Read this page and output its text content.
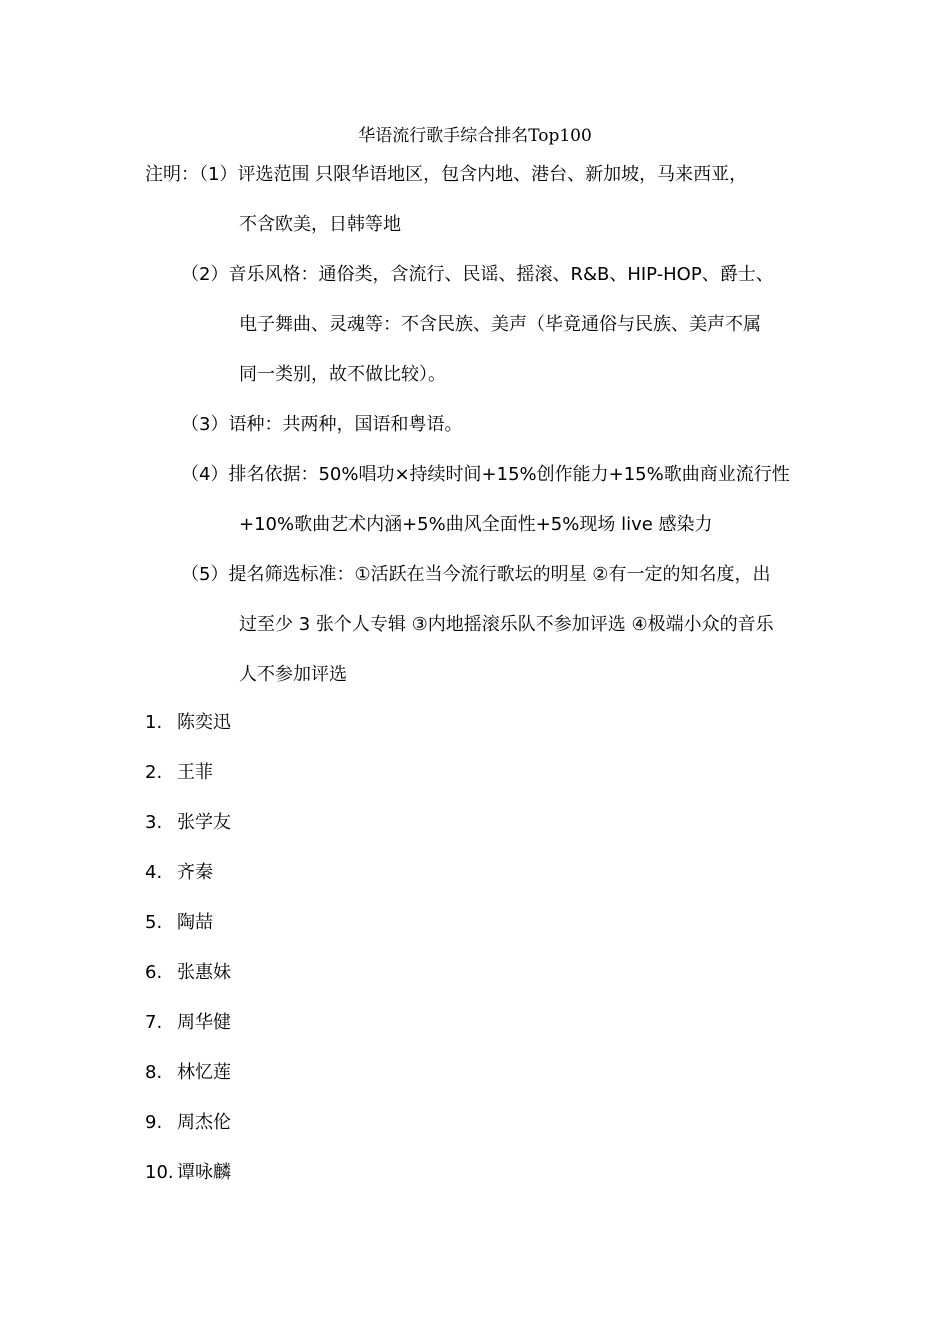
华语流行歌手综合排名Top100
注明：（1）评选范围 只限华语地区，包含内地、港台、新加坡，马来西亚，
不含欧美，日韩等地
（2）音乐风格：通俗类，含流行、民谣、摇滚、R&B、HIP-HOP、爵士、
电子舞曲、灵魂等：不含民族、美声（毕竟通俗与民族、美声不属
同一类别，故不做比较）。
（3）语种：共两种，国语和粤语。
（4）排名依据：50%唱功×持续时间+15%创作能力+15%歌曲商业流行性
+10%歌曲艺术内涵+5%曲风全面性+5%现场 live 感染力
（5）提名筛选标准：①活跃在当今流行歌坛的明星 ②有一定的知名度，出
过至少 3 张个人专辑 ③内地摇滚乐队不参加评选 ④极端小众的音乐
人不参加评选
1. 陈奕迅
2. 王菲
3. 张学友
4. 齐秦
5. 陶喆
6. 张惠妹
7. 周华健
8. 林忆莲
9. 周杰伦
10. 谭咏麟
